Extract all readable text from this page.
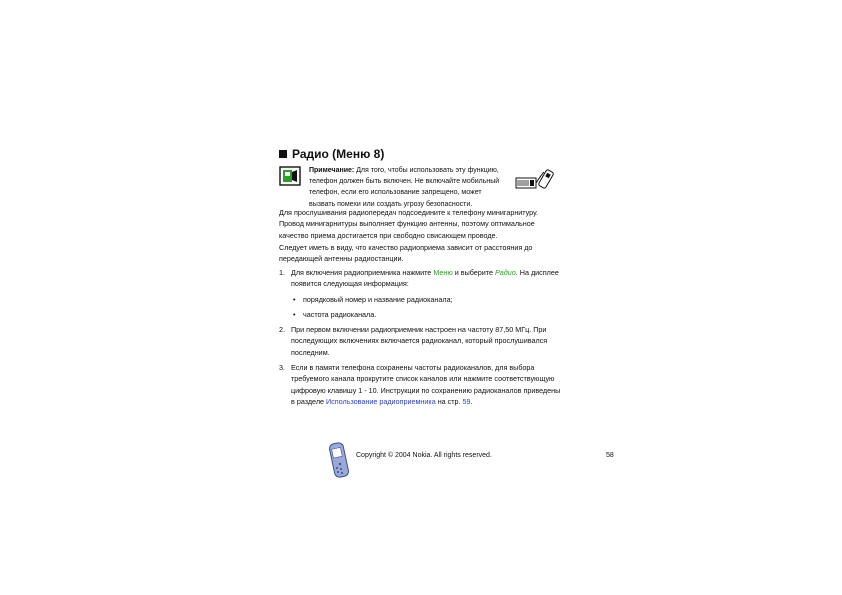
Радио (Меню 8)
Примечание: Для того, чтобы использовать эту функцию, телефон должен быть включен. Не включайте мобильный телефон, если его использование запрещено, может вызвать помехи или создать угрозу безопасности.
Для прослушивания радиопередач подсоедините к телефону минигарнитуру. Провод минигарнитуры выполняет функцию антенны, поэтому оптимальное качество приема достигается при свободно свисающем проводе.
Следует иметь в виду, что качество радиоприема зависит от расстояния до передающей антенны радиостанции.
1. Для включения радиоприемника нажмите Меню и выберите Радио. На дисплее появится следующая информация:
• порядковый номер и название радиоканала;
• частота радиоканала.
2. При первом включении радиоприемник настроен на частоту 87,50 МГц. При последующих включениях включается радиоканал, который прослушивался последним.
3. Если в памяти телефона сохранены частоты радиоканалов, для выбора требуемого канала прокрутите список каналов или нажмите соответствующую цифровую клавишу 1 - 10. Инструкции по сохранению радиоканалов приведены в разделе Использование радиоприемника на стр. 59.
Copyright © 2004 Nokia. All rights reserved.	58
